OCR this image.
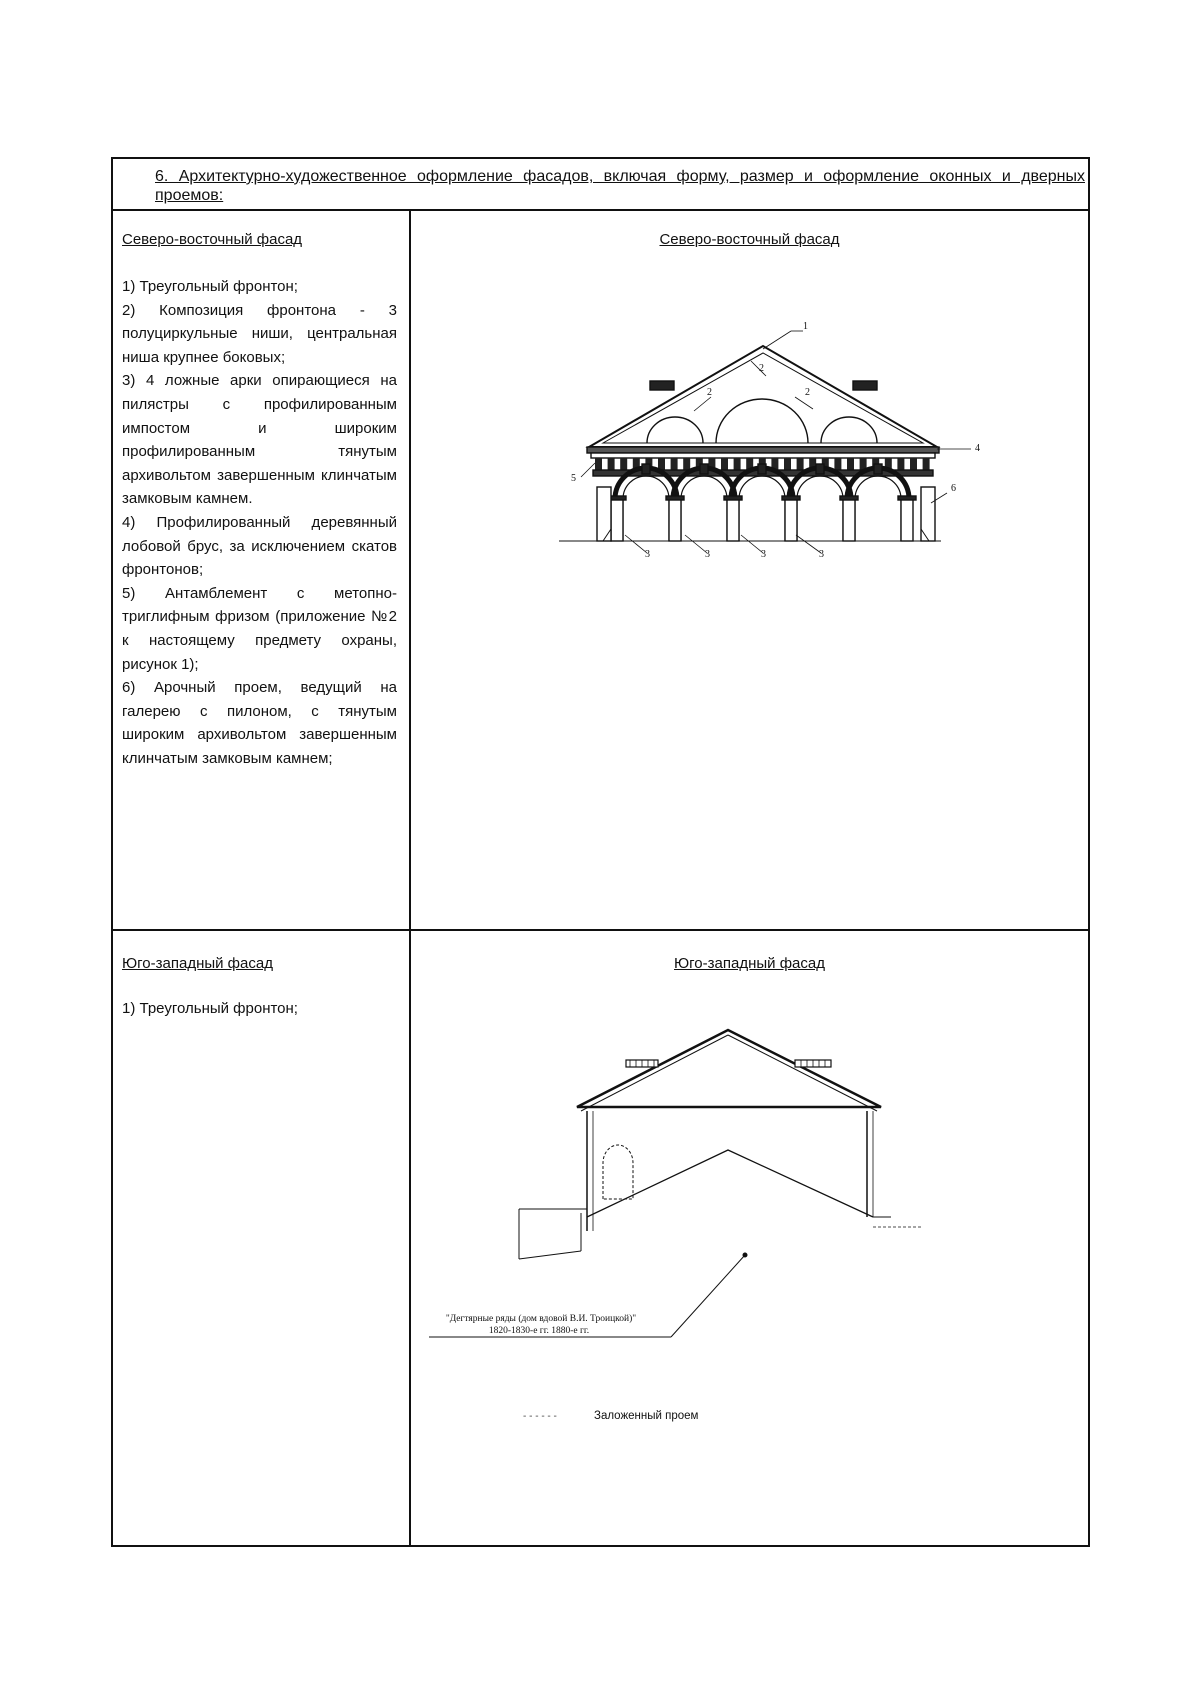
6. Архитектурно-художественное оформление фасадов, включая форму, размер и оформление оконных и дверных проемов:
Северо-восточный фасад
1) Треугольный фронтон;
2) Композиция фронтона - 3 полуциркульные ниши, центральная ниша крупнее боковых;
3) 4 ложные арки опирающиеся на пилястры с профилированным импостом и широким профилированным тянутым архивольтом завершенным клинчатым замковым камнем.
4) Профилированный деревянный лобовой брус, за исключением скатов фронтонов;
5) Антамблемент с метопно-триглифным фризом (приложение №2 к настоящему предмету охраны, рисунок 1);
6) Арочный проем, ведущий на галерею с пилоном, с тянутым широким архивольтом завершенным клинчатым замковым камнем;
Северо-восточный фасад
1
2
2	2
3	3	3	3
4
5
6
Юго-западный фасад
1) Треугольный фронтон;
Юго-западный фасад
"Дегтярные ряды (дом вдовой В.И. Троицкой)"
1820-1830-е гг. 1880-е гг.
- - - - - -	Заложенный проем
